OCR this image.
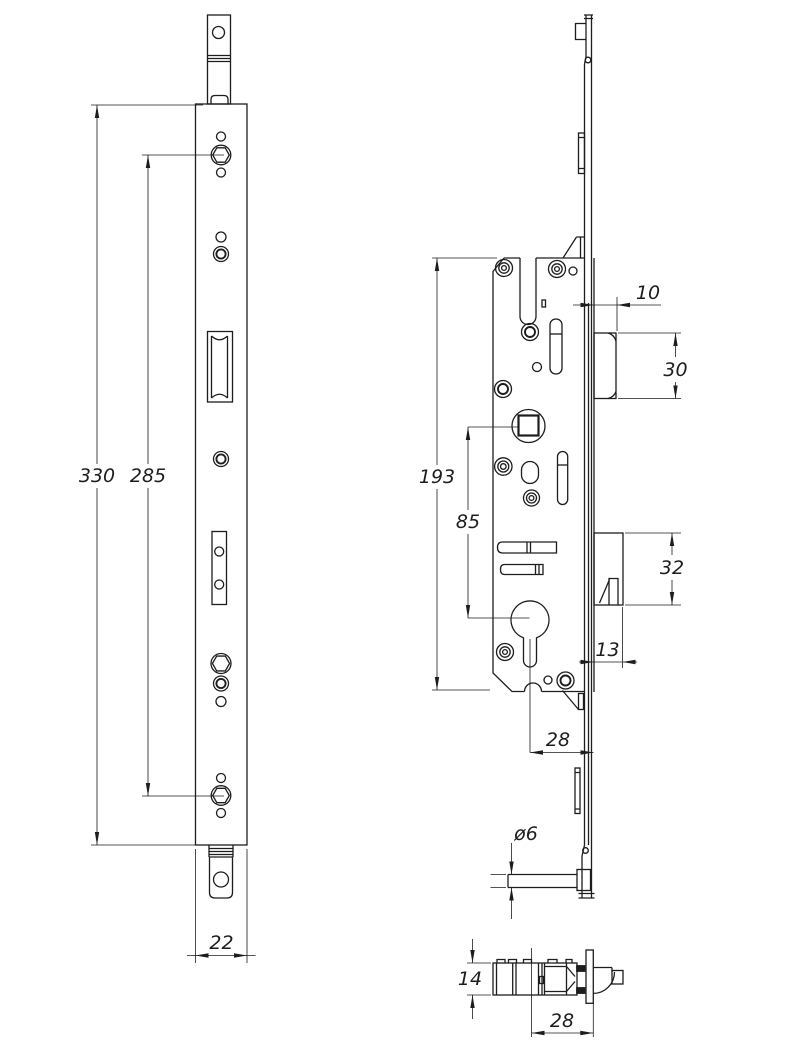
330 285
22
193
85
10
30
32
13
28
ø6
14
28
